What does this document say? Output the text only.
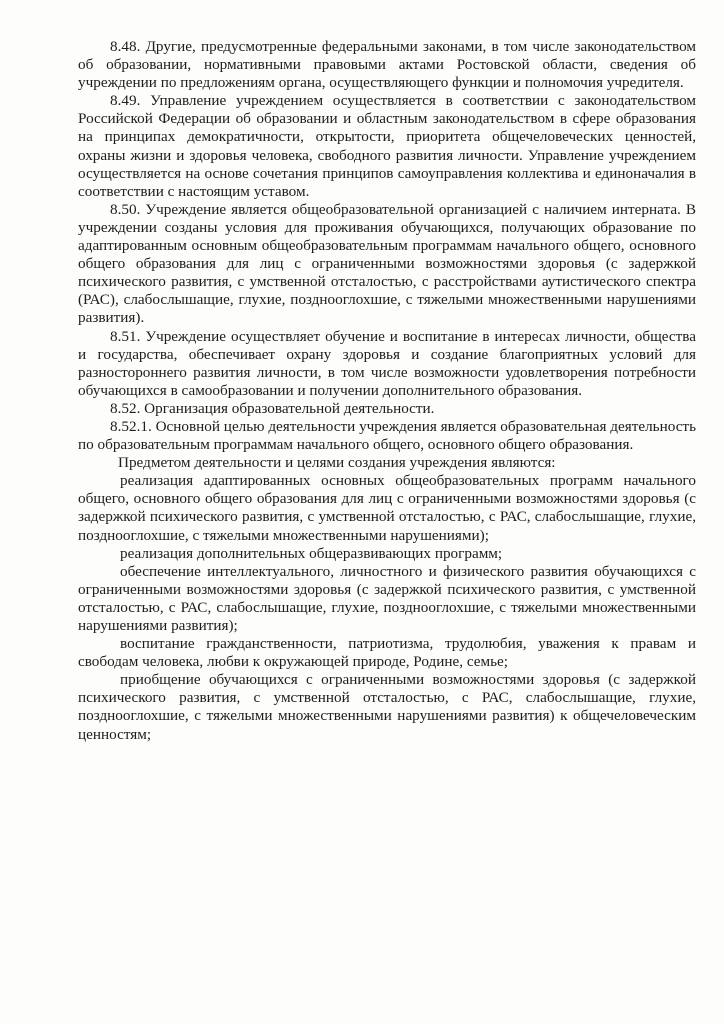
8.48. Другие, предусмотренные федеральными законами, в том числе законодательством об образовании, нормативными правовыми актами Ростовской области, сведения об учреждении по предложениям органа, осуществляющего функции и полномочия учредителя.

8.49. Управление учреждением осуществляется в соответствии с законодательством Российской Федерации об образовании и областным законодательством в сфере образования на принципах демократичности, открытости, приоритета общечеловеческих ценностей, охраны жизни и здоровья человека, свободного развития личности. Управление учреждением осуществляется на основе сочетания принципов самоуправления коллектива и единоначалия в соответствии с настоящим уставом.

8.50. Учреждение является общеобразовательной организацией с наличием интерната. В учреждении созданы условия для проживания обучающихся, получающих образование по адаптированным основным общеобразовательным программам начального общего, основного общего образования для лиц с ограниченными возможностями здоровья (с задержкой психического развития, с умственной отсталостью, с расстройствами аутистического спектра (РАС), слабослышащие, глухие, позднооглохшие, с тяжелыми множественными нарушениями развития).

8.51. Учреждение осуществляет обучение и воспитание в интересах личности, общества и государства, обеспечивает охрану здоровья и создание благоприятных условий для разностороннего развития личности, в том числе возможности удовлетворения потребности обучающихся в самообразовании и получении дополнительного образования.

8.52. Организация образовательной деятельности.

8.52.1. Основной целью деятельности учреждения является образовательная деятельность по образовательным программам начального общего, основного общего образования.

Предметом деятельности и целями создания учреждения являются:

реализация адаптированных основных общеобразовательных программ начального общего, основного общего образования для лиц с ограниченными возможностями здоровья (с задержкой психического развития, с умственной отсталостью, с РАС, слабослышащие, глухие, позднооглохшие, с тяжелыми множественными нарушениями);

реализация дополнительных общеразвивающих программ;

обеспечение интеллектуального, личностного и физического развития обучающихся с ограниченными возможностями здоровья (с задержкой психического развития, с умственной отсталостью, с РАС, слабослышащие, глухие, позднооглохшие, с тяжелыми множественными нарушениями развития);

воспитание гражданственности, патриотизма, трудолюбия, уважения к правам и свободам человека, любви к окружающей природе, Родине, семье;

приобщение обучающихся с ограниченными возможностями здоровья (с задержкой психического развития, с умственной отсталостью, с РАС, слабослышащие, глухие, позднооглохшие, с тяжелыми множественными нарушениями развития) к общечеловеческим ценностям;
